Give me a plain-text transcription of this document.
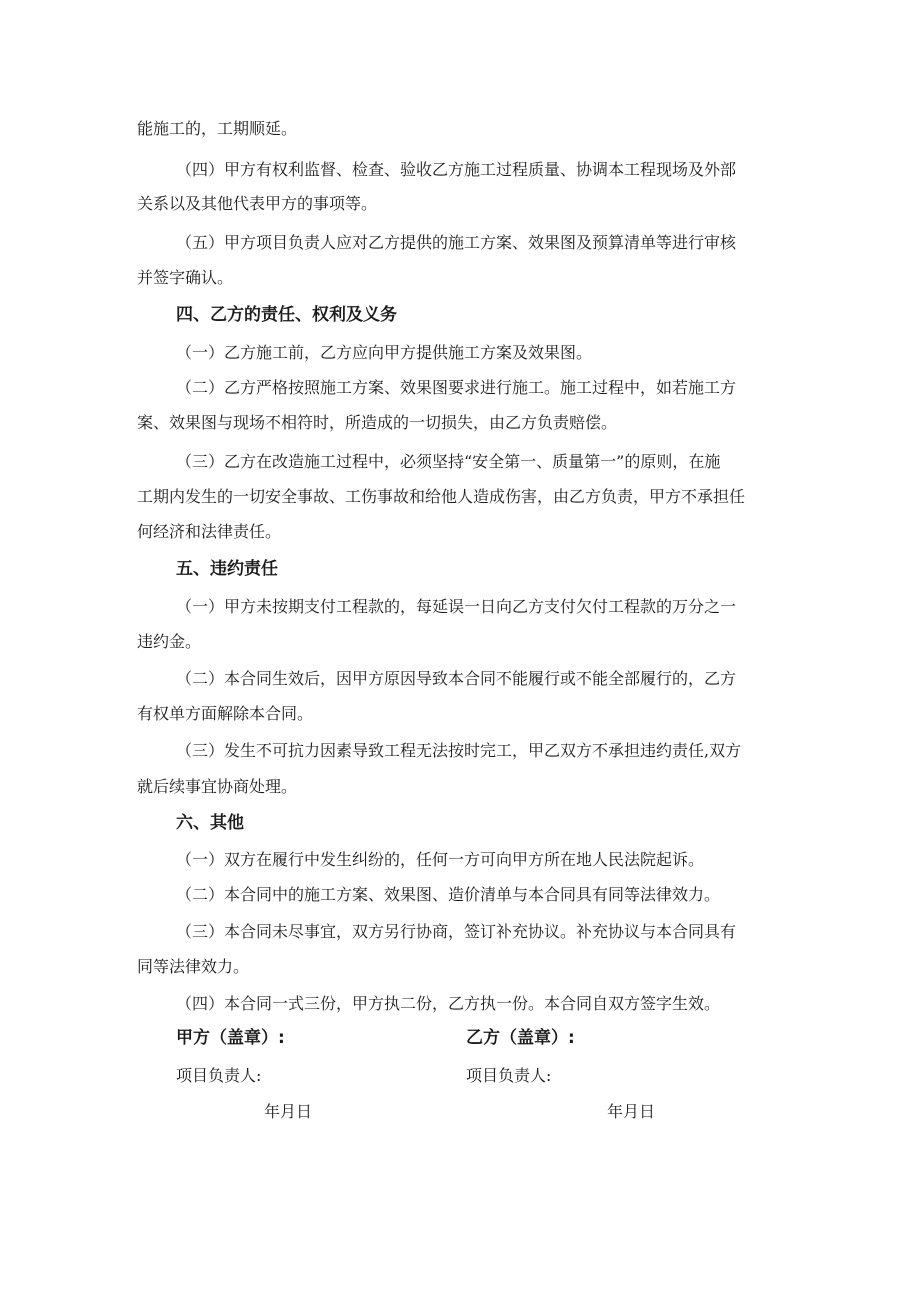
能施工的，工期顺延。
（四）甲方有权利监督、检查、验收乙方施工过程质量、协调本工程现场及外部
关系以及其他代表甲方的事项等。
（五）甲方项目负责人应对乙方提供的施工方案、效果图及预算清单等进行审核
并签字确认。
四、乙方的责任、权利及义务
（一）乙方施工前，乙方应向甲方提供施工方案及效果图。
（二）乙方严格按照施工方案、效果图要求进行施工。施工过程中，如若施工方
案、效果图与现场不相符时，所造成的一切损失，由乙方负责赔偿。
（三）乙方在改造施工过程中，必须坚持“安全第一、质量第一”的原则，在施
工期内发生的一切安全事故、工伤事故和给他人造成伤害，由乙方负责，甲方不承担任
何经济和法律责任。
五、违约责任
（一）甲方未按期支付工程款的，每延误一日向乙方支付欠付工程款的万分之一
违约金。
（二）本合同生效后，因甲方原因导致本合同不能履行或不能全部履行的，乙方
有权单方面解除本合同。
（三）发生不可抗力因素导致工程无法按时完工，甲乙双方不承担违约责任,双方
就后续事宜协商处理。
六、其他
（一）双方在履行中发生纠纷的，任何一方可向甲方所在地人民法院起诉。
（二）本合同中的施工方案、效果图、造价清单与本合同具有同等法律效力。
（三）本合同未尽事宜，双方另行协商，签订补充协议。补充协议与本合同具有
同等法律效力。
（四）本合同一式三份，甲方执二份，乙方执一份。本合同自双方签字生效。
甲方（盖章）:	乙方（盖章）:
项目负责人:	项目负责人:
年月日	年月日
